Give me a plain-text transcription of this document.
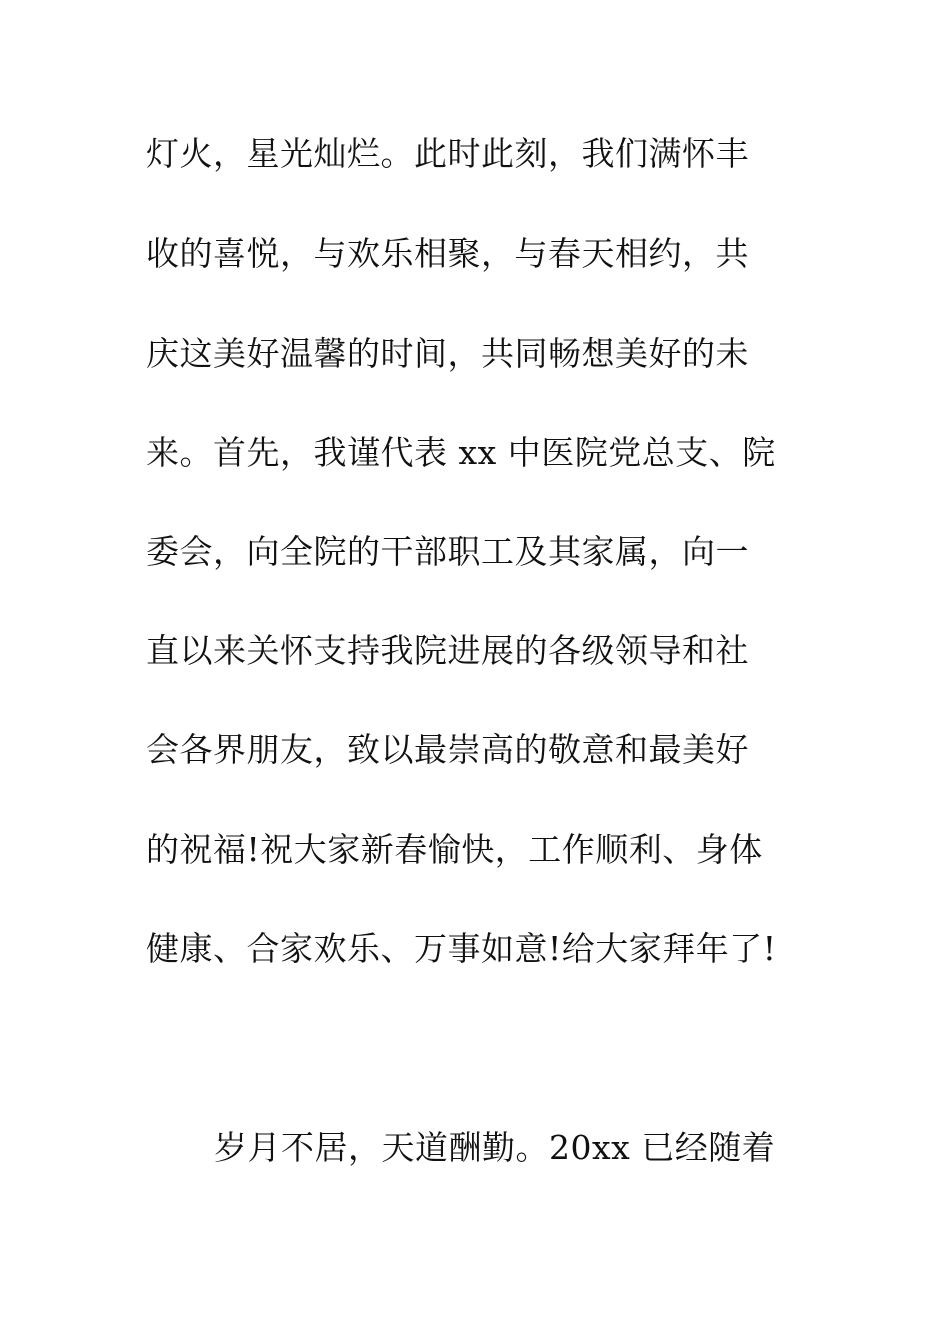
灯火，星光灿烂。此时此刻，我们满怀丰
收的喜悦，与欢乐相聚，与春天相约，共
庆这美好温馨的时间，共同畅想美好的未
来。首先，我谨代表 xx 中医院党总支、院
委会，向全院的干部职工及其家属，向一
直以来关怀支持我院进展的各级领导和社
会各界朋友，致以最崇高的敬意和最美好
的祝福!祝大家新春愉快，工作顺利、身体
健康、合家欢乐、万事如意!给大家拜年了!
岁月不居，天道酬勤。20xx 已经随着
